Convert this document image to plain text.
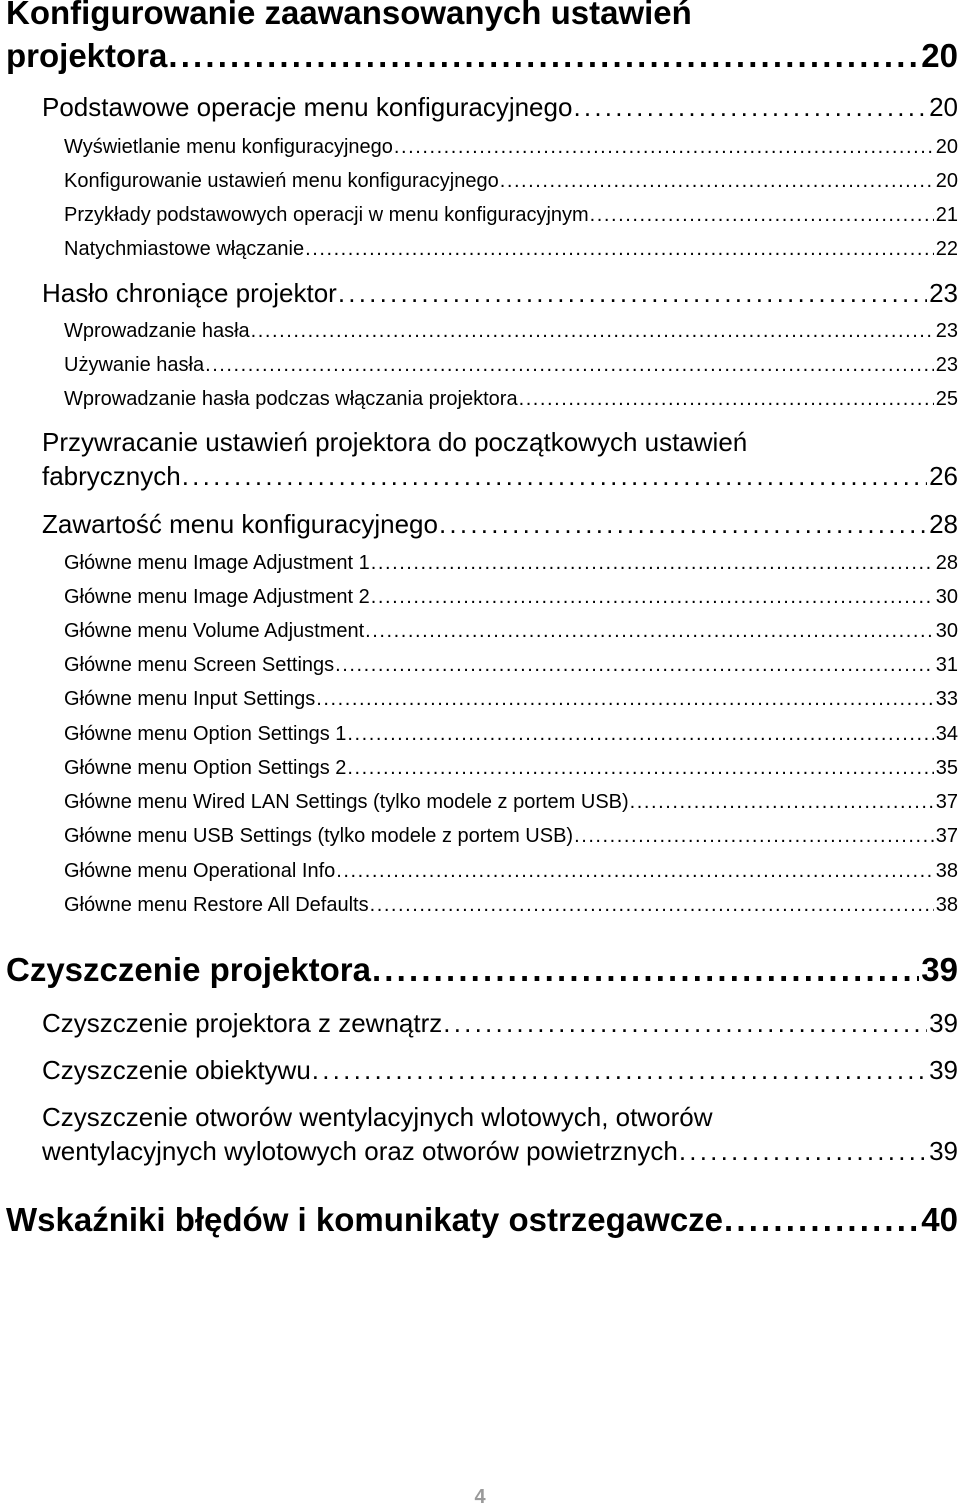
Konfigurowanie zaawansowanych ustawień
projektora . . .	20
Podstawowe operacje menu konfiguracyjnego . . .	20
Wyświetlanie menu konfiguracyjnego . . .	20
Konfigurowanie ustawień menu konfiguracyjnego . . .	20
Przykłady podstawowych operacji w menu konfiguracyjnym . . .	21
Natychmiastowe włączanie . . .	22
Hasło chroniące projektor . . .	23
Wprowadzanie hasła . . .	23
Używanie hasła . . .	23
Wprowadzanie hasła podczas włączania projektora . . .	25
Przywracanie ustawień projektora do początkowych ustawień
fabrycznych . . .	26
Zawartość menu konfiguracyjnego . . .	28
Główne menu Image Adjustment 1 . . .	28
Główne menu Image Adjustment 2 . . .	30
Główne menu Volume Adjustment . . .	30
Główne menu Screen Settings . . .	31
Główne menu Input Settings . . .	33
Główne menu Option Settings 1 . . .	34
Główne menu Option Settings 2 . . .	35
Główne menu Wired LAN Settings (tylko modele z portem USB) . . .	37
Główne menu USB Settings (tylko modele z portem USB) . . .	37
Główne menu Operational Info . . .	38
Główne menu Restore All Defaults . . .	38
Czyszczenie projektora . . .	39
Czyszczenie projektora z zewnątrz . . .	39
Czyszczenie obiektywu . . .	39
Czyszczenie otworów wentylacyjnych wlotowych, otworów
wentylacyjnych wylotowych oraz otworów powietrznych . . .	39
Wskaźniki błędów i komunikaty ostrzegawcze . . .	40
4
